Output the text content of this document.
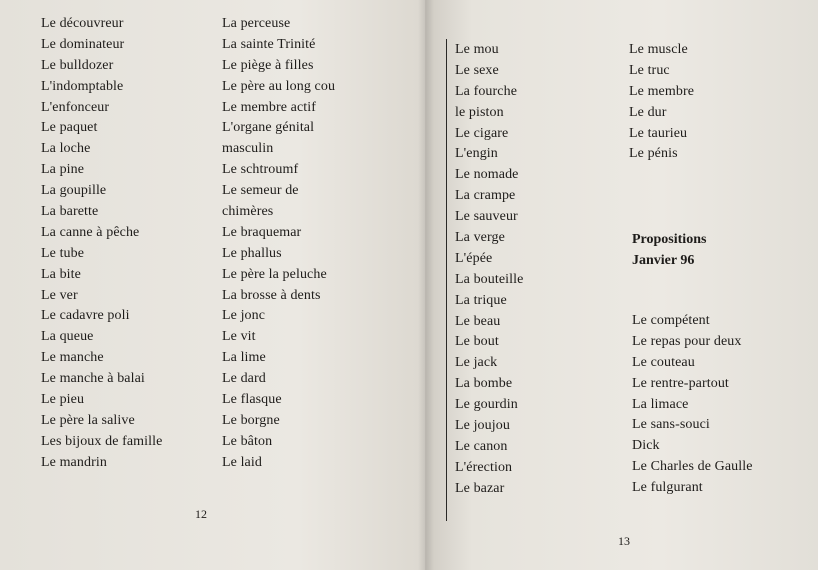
Le découvreur
Le dominateur
Le bulldozer
L'indomptable
L'enfonceur
Le paquet
La loche
La pine
La goupille
La barette
La canne à pêche
Le tube
La bite
Le ver
Le cadavre poli
La queue
Le manche
Le manche à balai
Le pieu
Le père la salive
Les bijoux de famille
Le mandrin
La perceuse
La sainte Trinité
Le piège à filles
Le père au long cou
Le membre actif
L'organe génital
masculin
Le schtroumf
Le semeur de
chimères
Le braquemar
Le phallus
Le père la peluche
La brosse à dents
Le jonc
Le vit
La lime
Le dard
Le flasque
Le borgne
Le bâton
Le laid
Le mou
Le sexe
La fourche
le piston
Le cigare
L'engin
Le nomade
La crampe
Le sauveur
La verge
L'épée
La bouteille
La trique
Le beau
Le bout
Le jack
La bombe
Le gourdin
Le joujou
Le canon
L'érection
Le bazar
Le muscle
Le truc
Le membre
Le dur
Le taurieu
Le pénis
Propositions
Janvier 96
Le compétent
Le repas pour deux
Le couteau
Le rentre-partout
La limace
Le sans-souci
Dick
Le Charles de Gaulle
Le fulgurant
12
13
